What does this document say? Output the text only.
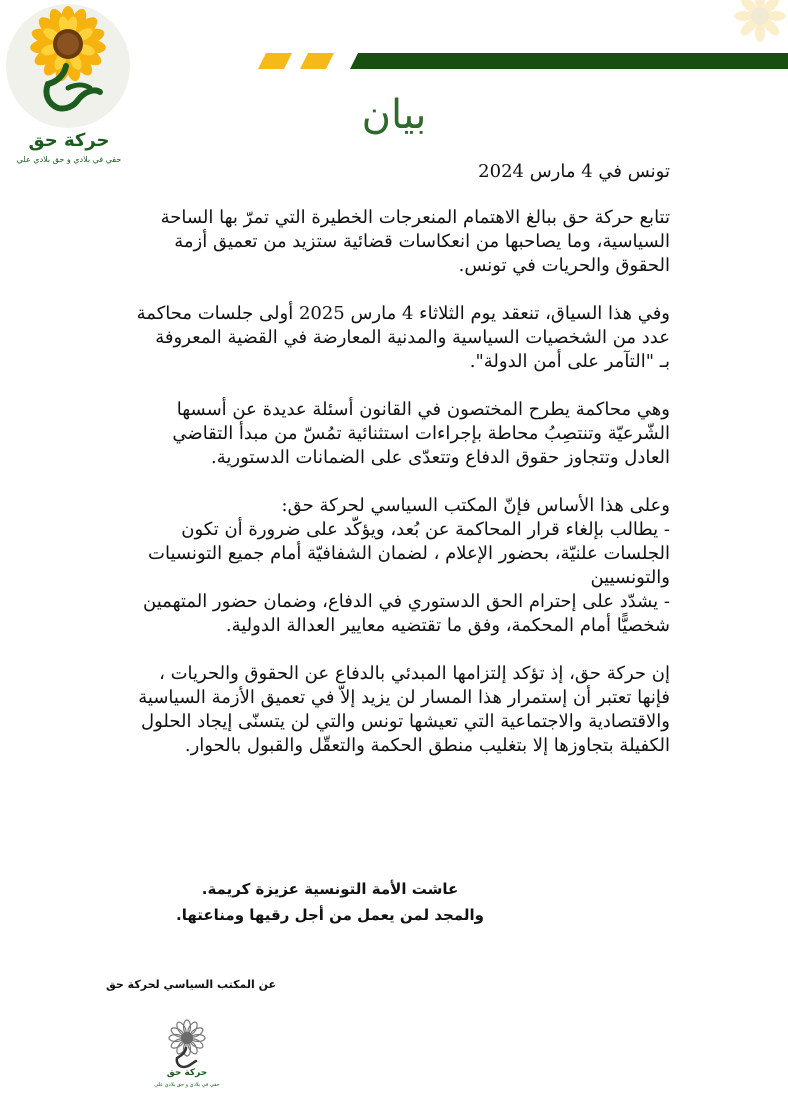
حركة حق
حقي في بلادي و حق بلادي علي
بيان

تونس في 4 مارس 2024

تتابع حركة حق ببالغ الاهتمام المنعرجات الخطيرة التي تمرّ بها الساحة
السياسية، وما يصاحبها من انعكاسات قضائية ستزيد من تعميق أزمة
الحقوق والحريات في تونس.

وفي هذا السياق، تنعقد يوم الثلاثاء 4 مارس 2025 أولى جلسات محاكمة
عدد من الشخصيات السياسية والمدنية المعارضة في القضية المعروفة
بـ "التآمر على أمن الدولة".

وهي محاكمة يطرح المختصون في القانون أسئلة عديدة عن أسسها
الشّرعيّة وتنتصِبُ محاطة بإجراءات استثنائية تمُسّ من مبدأ التقاضي
العادل وتتجاوز حقوق الدفاع وتتعدّى على الضمانات الدستورية.

وعلى هذا الأساس فإنّ المكتب السياسي لحركة حق:
- يطالب بإلغاء قرار المحاكمة عن بُعد، ويؤكّد على ضرورة أن تكون
الجلسات علنيّة، بحضور الإعلام ، لضمان الشفافيّة أمام جميع التونسيات
والتونسيين
- يشدّد على إحترام الحق الدستوري في الدفاع، وضمان حضور المتهمين
شخصيًّا أمام المحكمة، وفق ما تقتضيه معايير العدالة الدولية.

إن حركة حق، إذ تؤكد إلتزامها المبدئي بالدفاع عن الحقوق والحريات ،
فإنها تعتبر أن إستمرار هذا المسار لن يزيد إلاّ في تعميق الأزمة السياسية
والاقتصادية والاجتماعية التي تعيشها تونس والتي لن يتسنّى إيجاد الحلول
الكفيلة بتجاوزها إلا بتغليب منطق الحكمة والتعقّل والقبول بالحوار.

عاشت الأمة التونسية عزيزة كريمة.
والمجد لمن يعمل من أجل رقيها ومناعتها.
عن المكتب السياسي لحركة حق
حركة حق
حقي في بلادي و حق بلادي علي
